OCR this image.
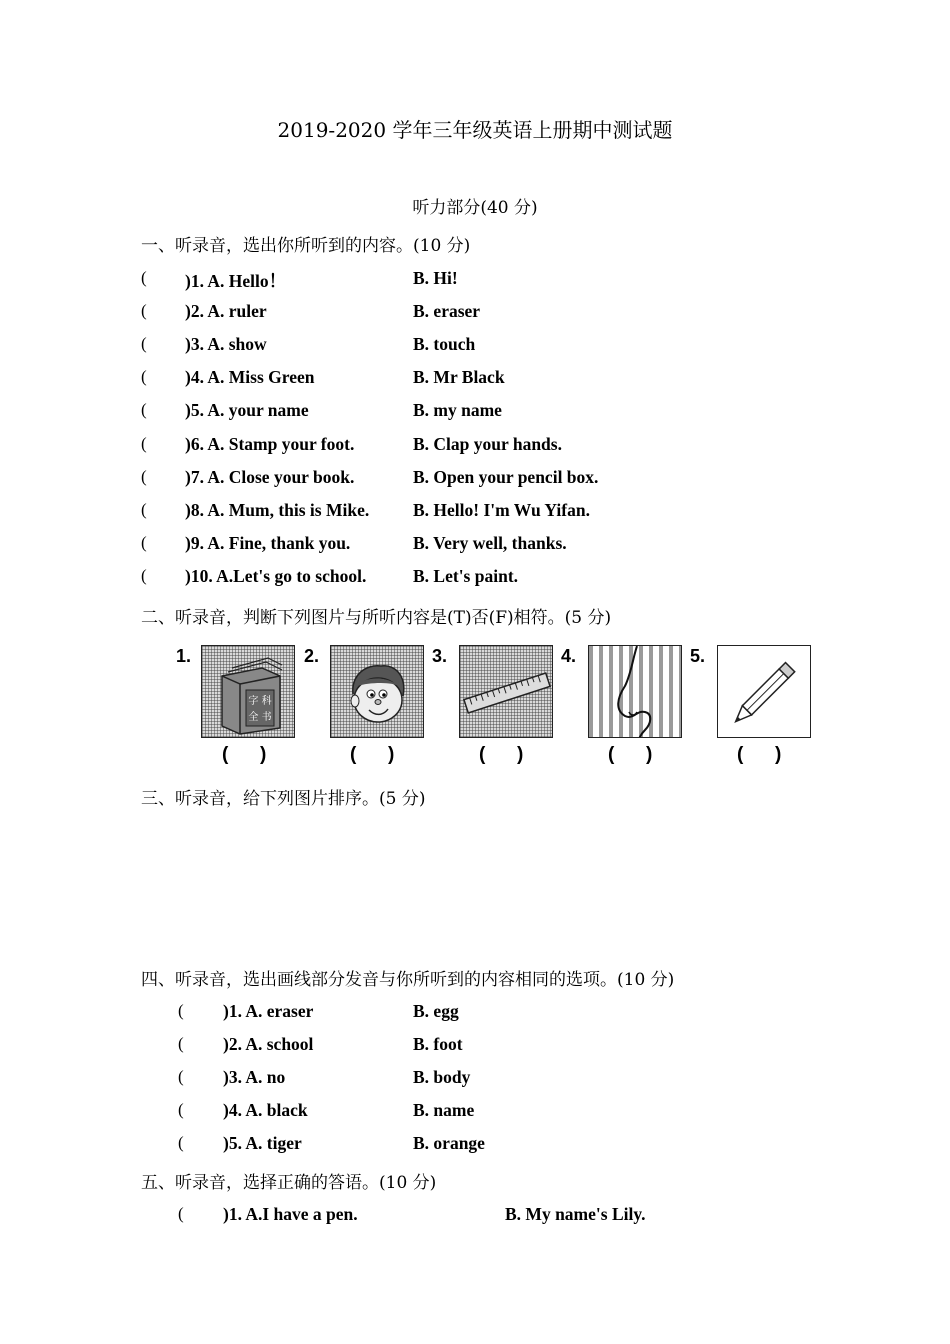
2019-2020 学年三年级英语上册期中测试题
听力部分(40 分)
一、听录音，选出你所听到的内容。(10 分)
( )1. A. Hello！	B. Hi!
( )2. A. ruler	B. eraser
( )3. A. show	B. touch
( )4. A. Miss Green	B. Mr Black
( )5. A. your name	B. my name
( )6. A. Stamp your foot.	B. Clap your hands.
( )7. A. Close your book.	B. Open your pencil box.
( )8. A. Mum, this is Mike.	B. Hello! I'm Wu Yifan.
( )9. A. Fine, thank you.	B. Very well, thanks.
( )10. A.Let's go to school.	B. Let's paint.
二、听录音，判断下列图片与所听内容是(T)否(F)相符。(5 分)
1.	2.	3.	4.	5.
字 科
全 书
(      )	(      )	(      )	(      )	(      )
三、听录音，给下列图片排序。(5 分)
四、听录音，选出画线部分发音与你所听到的内容相同的选项。(10 分)
( )1. A. eraser	B. egg
( )2. A. school	B. foot
( )3. A. no	B. body
( )4. A. black	B. name
( )5. A. tiger	B. orange
五、听录音，选择正确的答语。(10 分)
( )1. A.I have a pen.	B. My name's Lily.
